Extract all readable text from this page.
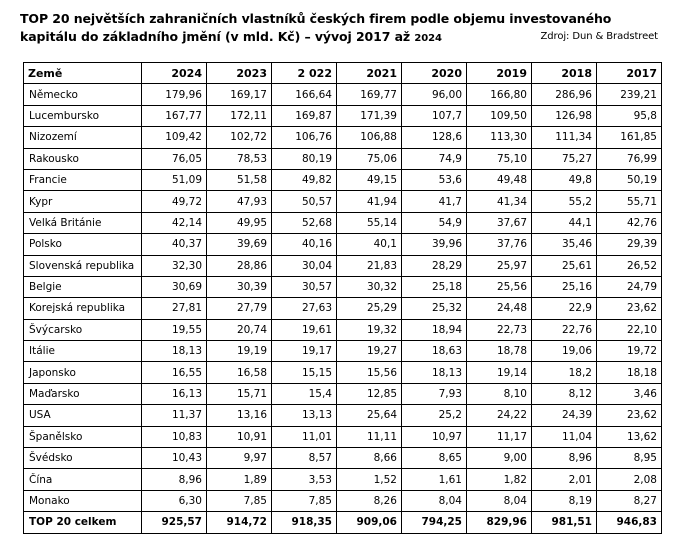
TOP 20 největších zahraničních vlastníků českých firem podle objemu investovaného

kapitálu do základního jmění (v mld. Kč) – vývoj 2017 až 2024	Zdroj: Dun & Bradstreet
Země	2024	2023	2 022	2021	2020	2019	2018	2017
Německo	179,96	169,17	166,64	169,77	96,00	166,80	286,96	239,21
Lucembursko	167,77	172,11	169,87	171,39	107,7	109,50	126,98	95,8
Nizozemí	109,42	102,72	106,76	106,88	128,6	113,30	111,34	161,85
Rakousko	76,05	78,53	80,19	75,06	74,9	75,10	75,27	76,99
Francie	51,09	51,58	49,82	49,15	53,6	49,48	49,8	50,19
Kypr	49,72	47,93	50,57	41,94	41,7	41,34	55,2	55,71
Velká Británie	42,14	49,95	52,68	55,14	54,9	37,67	44,1	42,76
Polsko	40,37	39,69	40,16	40,1	39,96	37,76	35,46	29,39
Slovenská republika	32,30	28,86	30,04	21,83	28,29	25,97	25,61	26,52
Belgie	30,69	30,39	30,57	30,32	25,18	25,56	25,16	24,79
Korejská republika	27,81	27,79	27,63	25,29	25,32	24,48	22,9	23,62
Švýcarsko	19,55	20,74	19,61	19,32	18,94	22,73	22,76	22,10
Itálie	18,13	19,19	19,17	19,27	18,63	18,78	19,06	19,72
Japonsko	16,55	16,58	15,15	15,56	18,13	19,14	18,2	18,18
Maďarsko	16,13	15,71	15,4	12,85	7,93	8,10	8,12	3,46
USA	11,37	13,16	13,13	25,64	25,2	24,22	24,39	23,62
Španělsko	10,83	10,91	11,01	11,11	10,97	11,17	11,04	13,62
Švédsko	10,43	9,97	8,57	8,66	8,65	9,00	8,96	8,95
Čína	8,96	1,89	3,53	1,52	1,61	1,82	2,01	2,08
Monako	6,30	7,85	7,85	8,26	8,04	8,04	8,19	8,27
TOP 20 celkem	925,57	914,72	918,35	909,06	794,25	829,96	981,51	946,83
